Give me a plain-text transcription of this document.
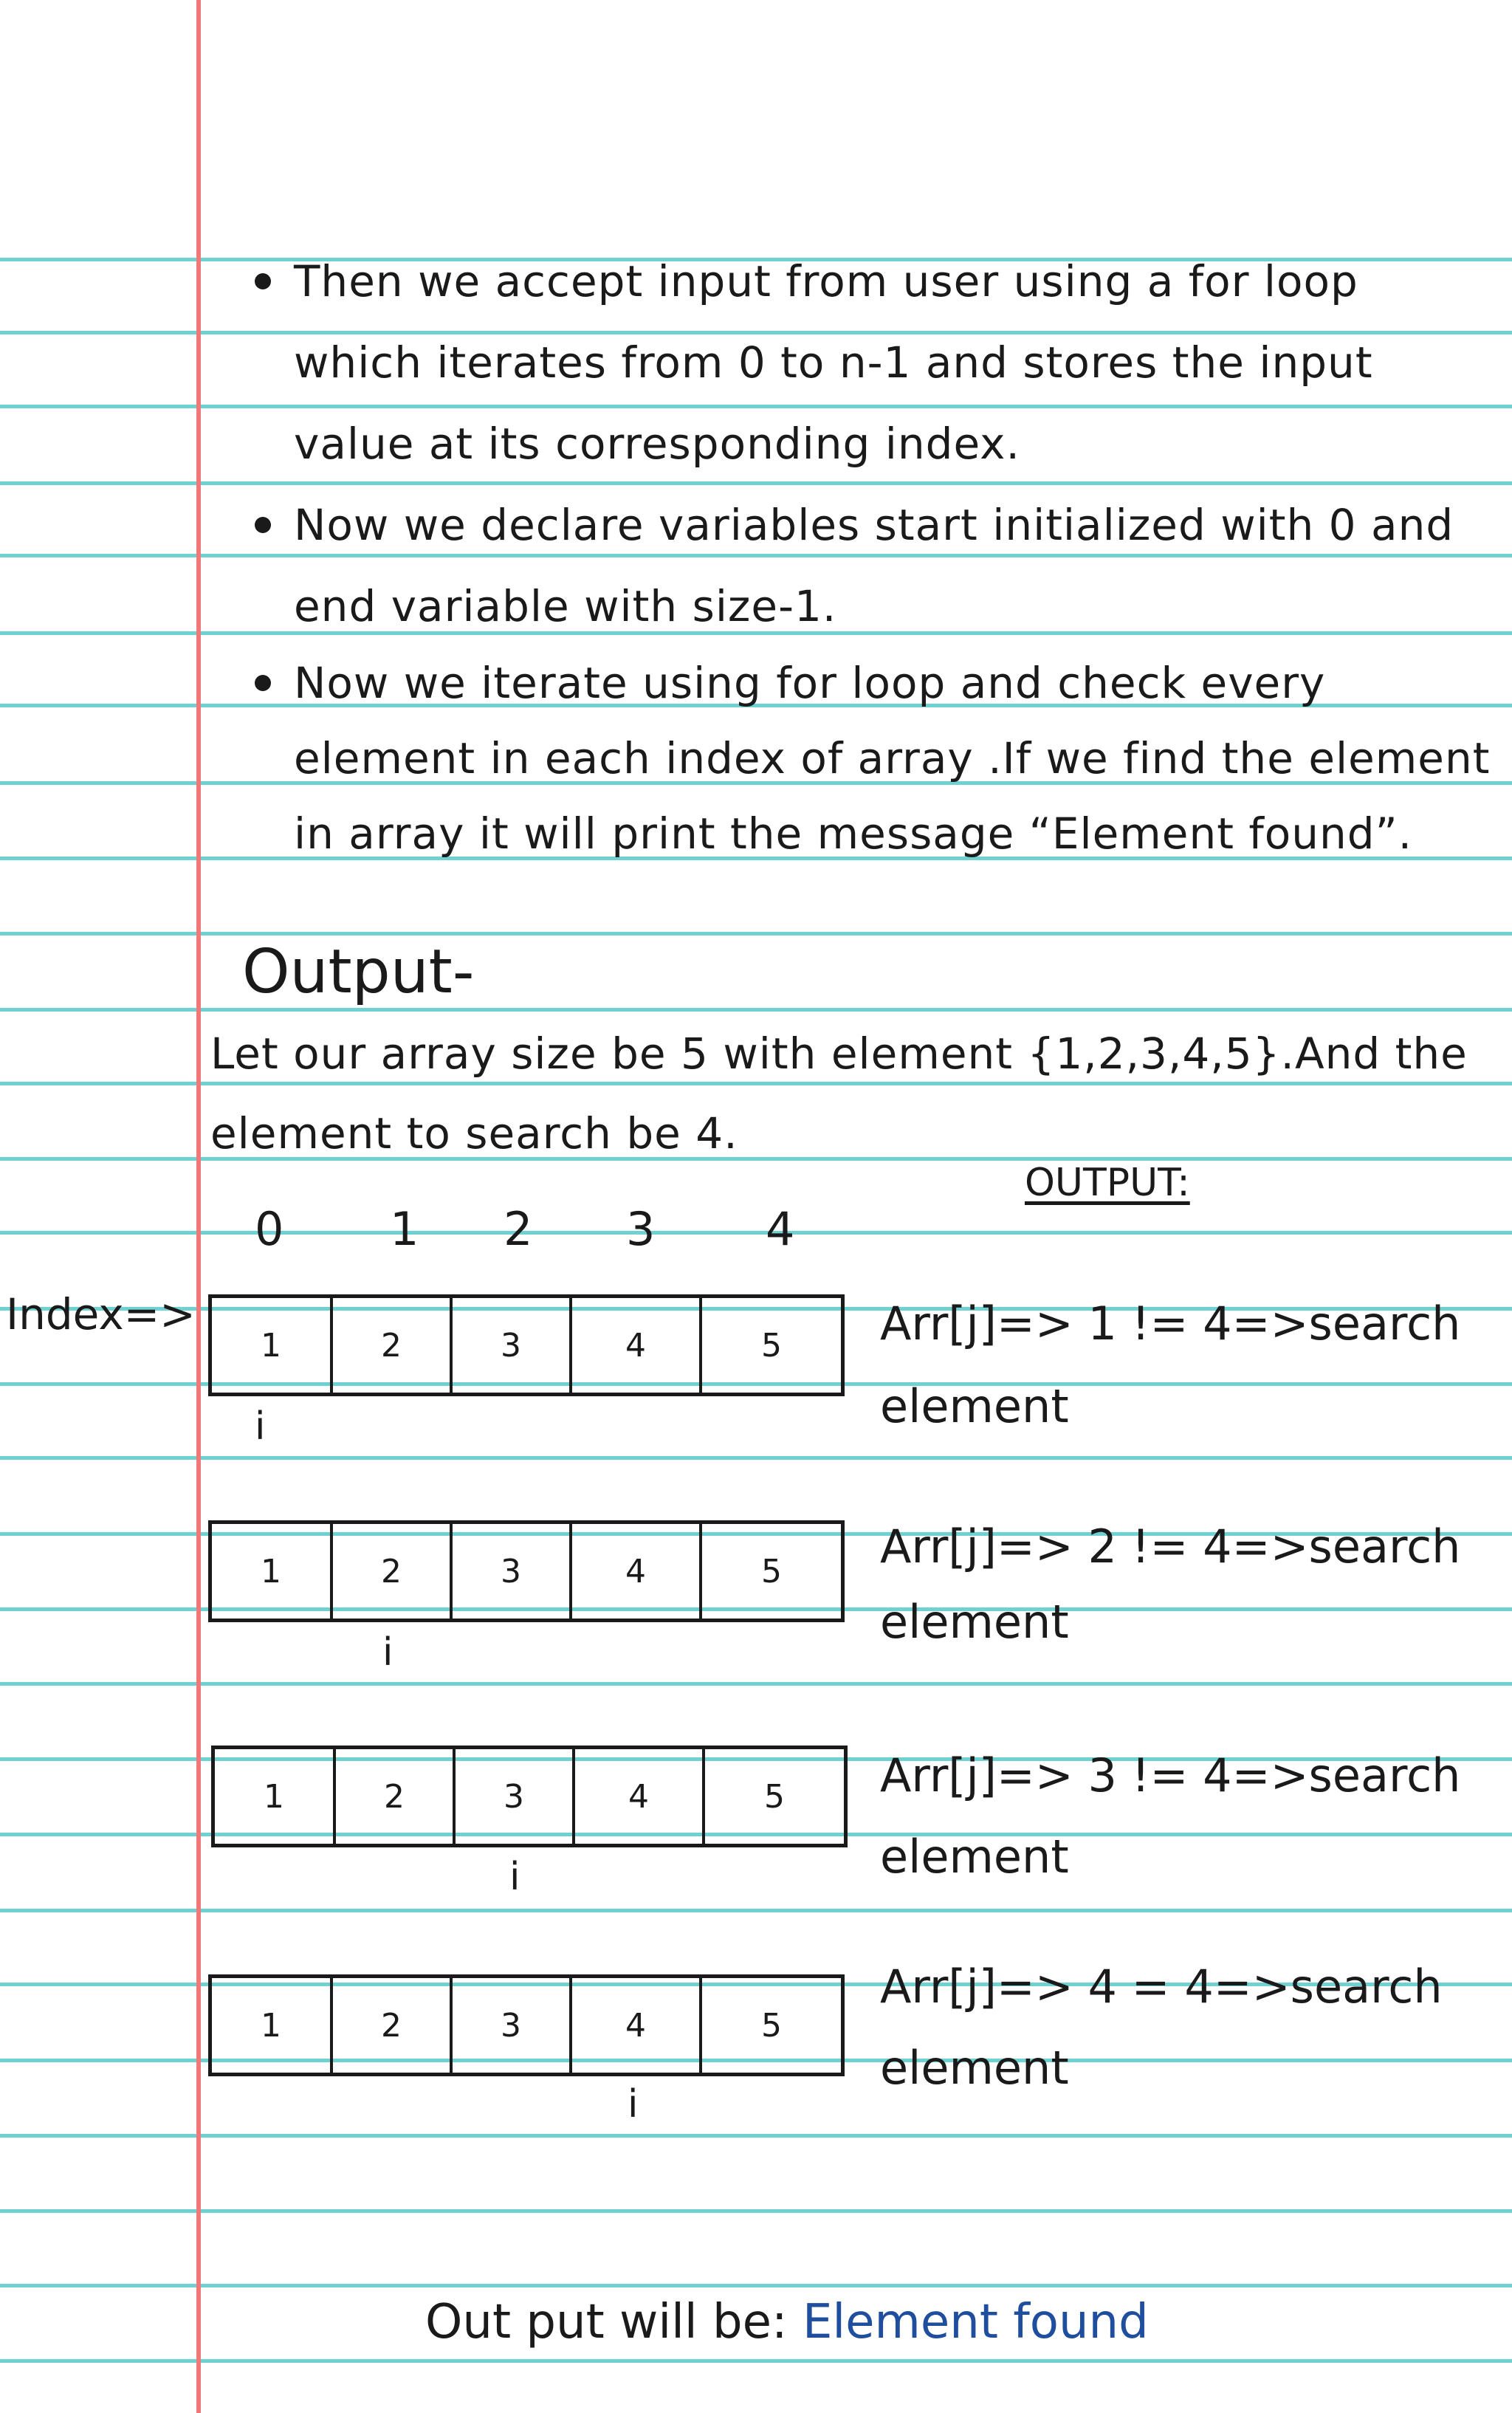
Then we accept input from user using a for loop
which iterates from 0 to n-1 and stores the input
value at its corresponding index.
Now we declare variables start initialized with 0 and
end variable with size-1.
Now we iterate using for loop and check every
element in each index of array .If we find the element
in array it will print the message “Element found”.
Output-
Let our array size be 5 with element {1,2,3,4,5}.And the
element to search be 4.
OUTPUT:
0 1 2 3 4
Index=>
1	2	3	4	5
i
Arr[j]=> 1 != 4=>search
element
1	2	3	4	5
i
Arr[j]=> 2 != 4=>search
element
1	2	3	4	5
i
Arr[j]=> 3 != 4=>search
element
1	2	3	4	5
i
Arr[j]=> 4 = 4=>search
element
Out put will be: Element found
